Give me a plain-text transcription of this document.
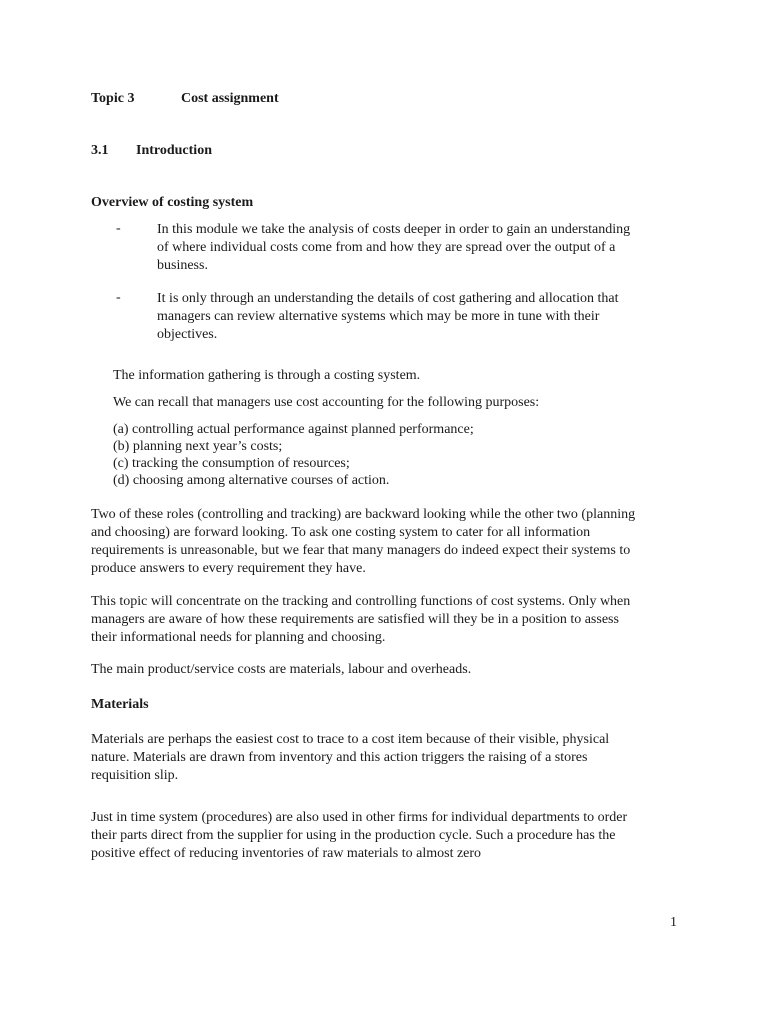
Topic 3	Cost assignment
3.1 Introduction
Overview of costing system
-	In this module we take the analysis of costs deeper in order to gain an understanding
of where individual costs come from and how they are spread over the output of a
business.
-	It is only through an understanding the details of cost gathering and allocation that
managers can review alternative systems which may be more in tune with their
objectives.
The information gathering is through a costing system.
We can recall that managers use cost accounting for the following purposes:
(a) controlling actual performance against planned performance;
(b) planning next year’s costs;
(c) tracking the consumption of resources;
(d) choosing among alternative courses of action.
Two of these roles (controlling and tracking) are backward looking while the other two (planning
and choosing) are forward looking. To ask one costing system to cater for all information
requirements is unreasonable, but we fear that many managers do indeed expect their systems to
produce answers to every requirement they have.
This topic will concentrate on the tracking and controlling functions of cost systems. Only when
managers are aware of how these requirements are satisfied will they be in a position to assess
their informational needs for planning and choosing.
The main product/service costs are materials, labour and overheads.
Materials
Materials are perhaps the easiest cost to trace to a cost item because of their visible, physical
nature. Materials are drawn from inventory and this action triggers the raising of a stores
requisition slip.
Just in time system (procedures) are also used in other firms for individual departments to order
their parts direct from the supplier for using in the production cycle. Such a procedure has the
positive effect of reducing inventories of raw materials to almost zero
1
